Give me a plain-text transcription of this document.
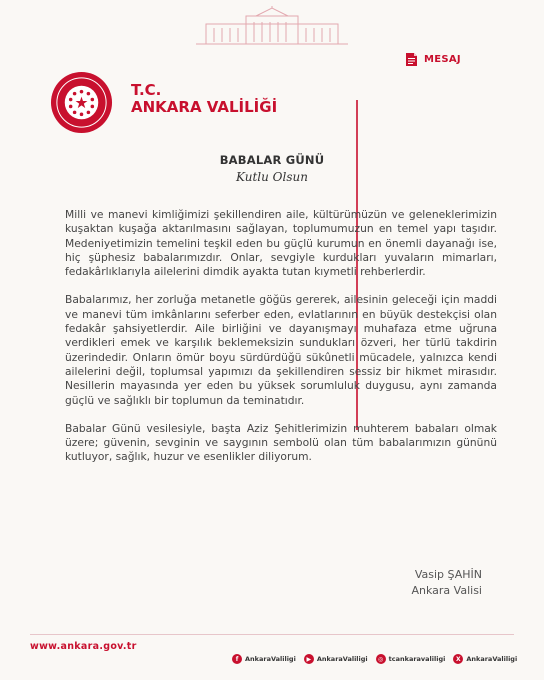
MESAJ
T.C.
ANKARA VALİLİĞİ
BABALAR GÜNÜ
Kutlu Olsun

Milli ve manevi kimliğimizi şekillendiren aile, kültürümüzün ve geleneklerimizin kuşaktan kuşağa aktarılmasını sağlayan, toplumumuzun en temel yapı taşıdır. Medeniyetimizin temelini teşkil eden bu güçlü kurumun en önemli dayanağı ise, hiç şüphesiz babalarımızdır. Onlar, sevgiyle kurdukları yuvaların mimarları, fedakârlıklarıyla ailelerini dimdik ayakta tutan kıymetli rehberlerdir.

Babalarımız, her zorluğa metanetle göğüs gererek, ailesinin geleceği için maddi ve manevi tüm imkânlarını seferber eden, evlatlarının en büyük destekçisi olan fedakâr şahsiyetlerdir. Aile birliğini ve dayanışmayı muhafaza etme uğruna verdikleri emek ve karşılık beklemeksizin sundukları özveri, her türlü takdirin üzerindedir. Onların ömür boyu sürdürdüğü sükûnetli mücadele, yalnızca kendi ailelerini değil, toplumsal yapımızı da şekillendiren sessiz bir hikmet mirasıdır. Nesillerin mayasında yer eden bu yüksek sorumluluk duygusu, aynı zamanda güçlü ve sağlıklı bir toplumun da teminatıdır.

Babalar Günü vesilesiyle, başta Aziz Şehitlerimizin muhterem babaları olmak üzere; güvenin, sevginin ve saygının sembolü olan tüm babalarımızın gününü kutluyor, sağlık, huzur ve esenlikler diliyorum.

Vasip ŞAHİN
Ankara Valisi
www.ankara.gov.tr
f	AnkaraValiligi	▶ AnkaraValiligi	◎ tcankaravaliligi	X AnkaraValiligi
